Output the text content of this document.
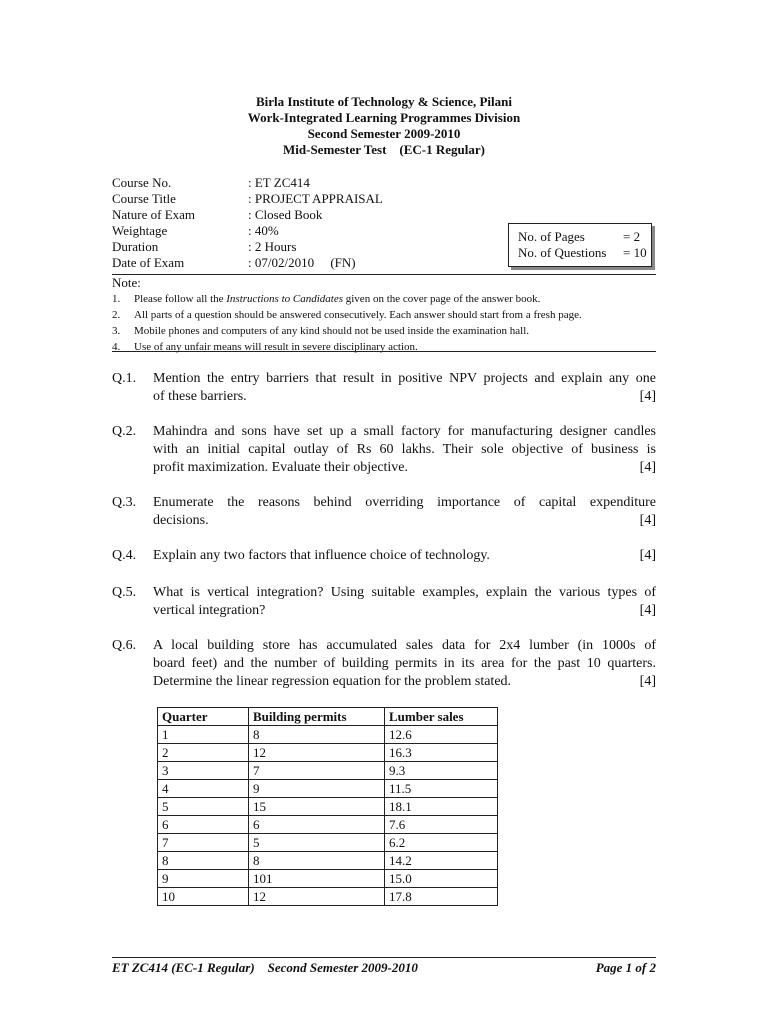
Birla Institute of Technology & Science, Pilani
Work-Integrated Learning Programmes Division
Second Semester 2009-2010
Mid-Semester Test    (EC-1 Regular)
Course No.	: ET ZC414
Course Title	: PROJECT APPRAISAL
Nature of Exam	: Closed Book
Weightage	: 40%
Duration	: 2 Hours
Date of Exam	: 07/02/2010     (FN)
No. of Pages	= 2
No. of Questions = 10
Note:
1. Please follow all the Instructions to Candidates given on the cover page of the answer book.
2. All parts of a question should be answered consecutively. Each answer should start from a fresh page.
3. Mobile phones and computers of any kind should not be used inside the examination hall.
4. Use of any unfair means will result in severe disciplinary action.
Q.1. Mention the entry barriers that result in positive NPV projects and explain any one
of these barriers.	[4]
Q.2. Mahindra and sons have set up a small factory for manufacturing designer candles
with an initial capital outlay of Rs 60 lakhs. Their sole objective of business is
profit maximization. Evaluate their objective.	[4]
Q.3. Enumerate the reasons behind overriding importance of capital expenditure
decisions.	[4]
Q.4. Explain any two factors that influence choice of technology.	[4]
Q.5. What is vertical integration? Using suitable examples, explain the various types of
vertical integration?	[4]
Q.6. A local building store has accumulated sales data for 2x4 lumber (in 1000s of
board feet) and the number of building permits in its area for the past 10 quarters.
Determine the linear regression equation for the problem stated.	[4]
Quarter	Building permits	Lumber sales
1	8	12.6
2	12	16.3
3	7	9.3
4	9	11.5
5	15	18.1
6	6	7.6
7	5	6.2
8	8	14.2
9	101	15.0
10	12	17.8
ET ZC414 (EC-1 Regular)    Second Semester 2009-2010	Page 1 of 2
